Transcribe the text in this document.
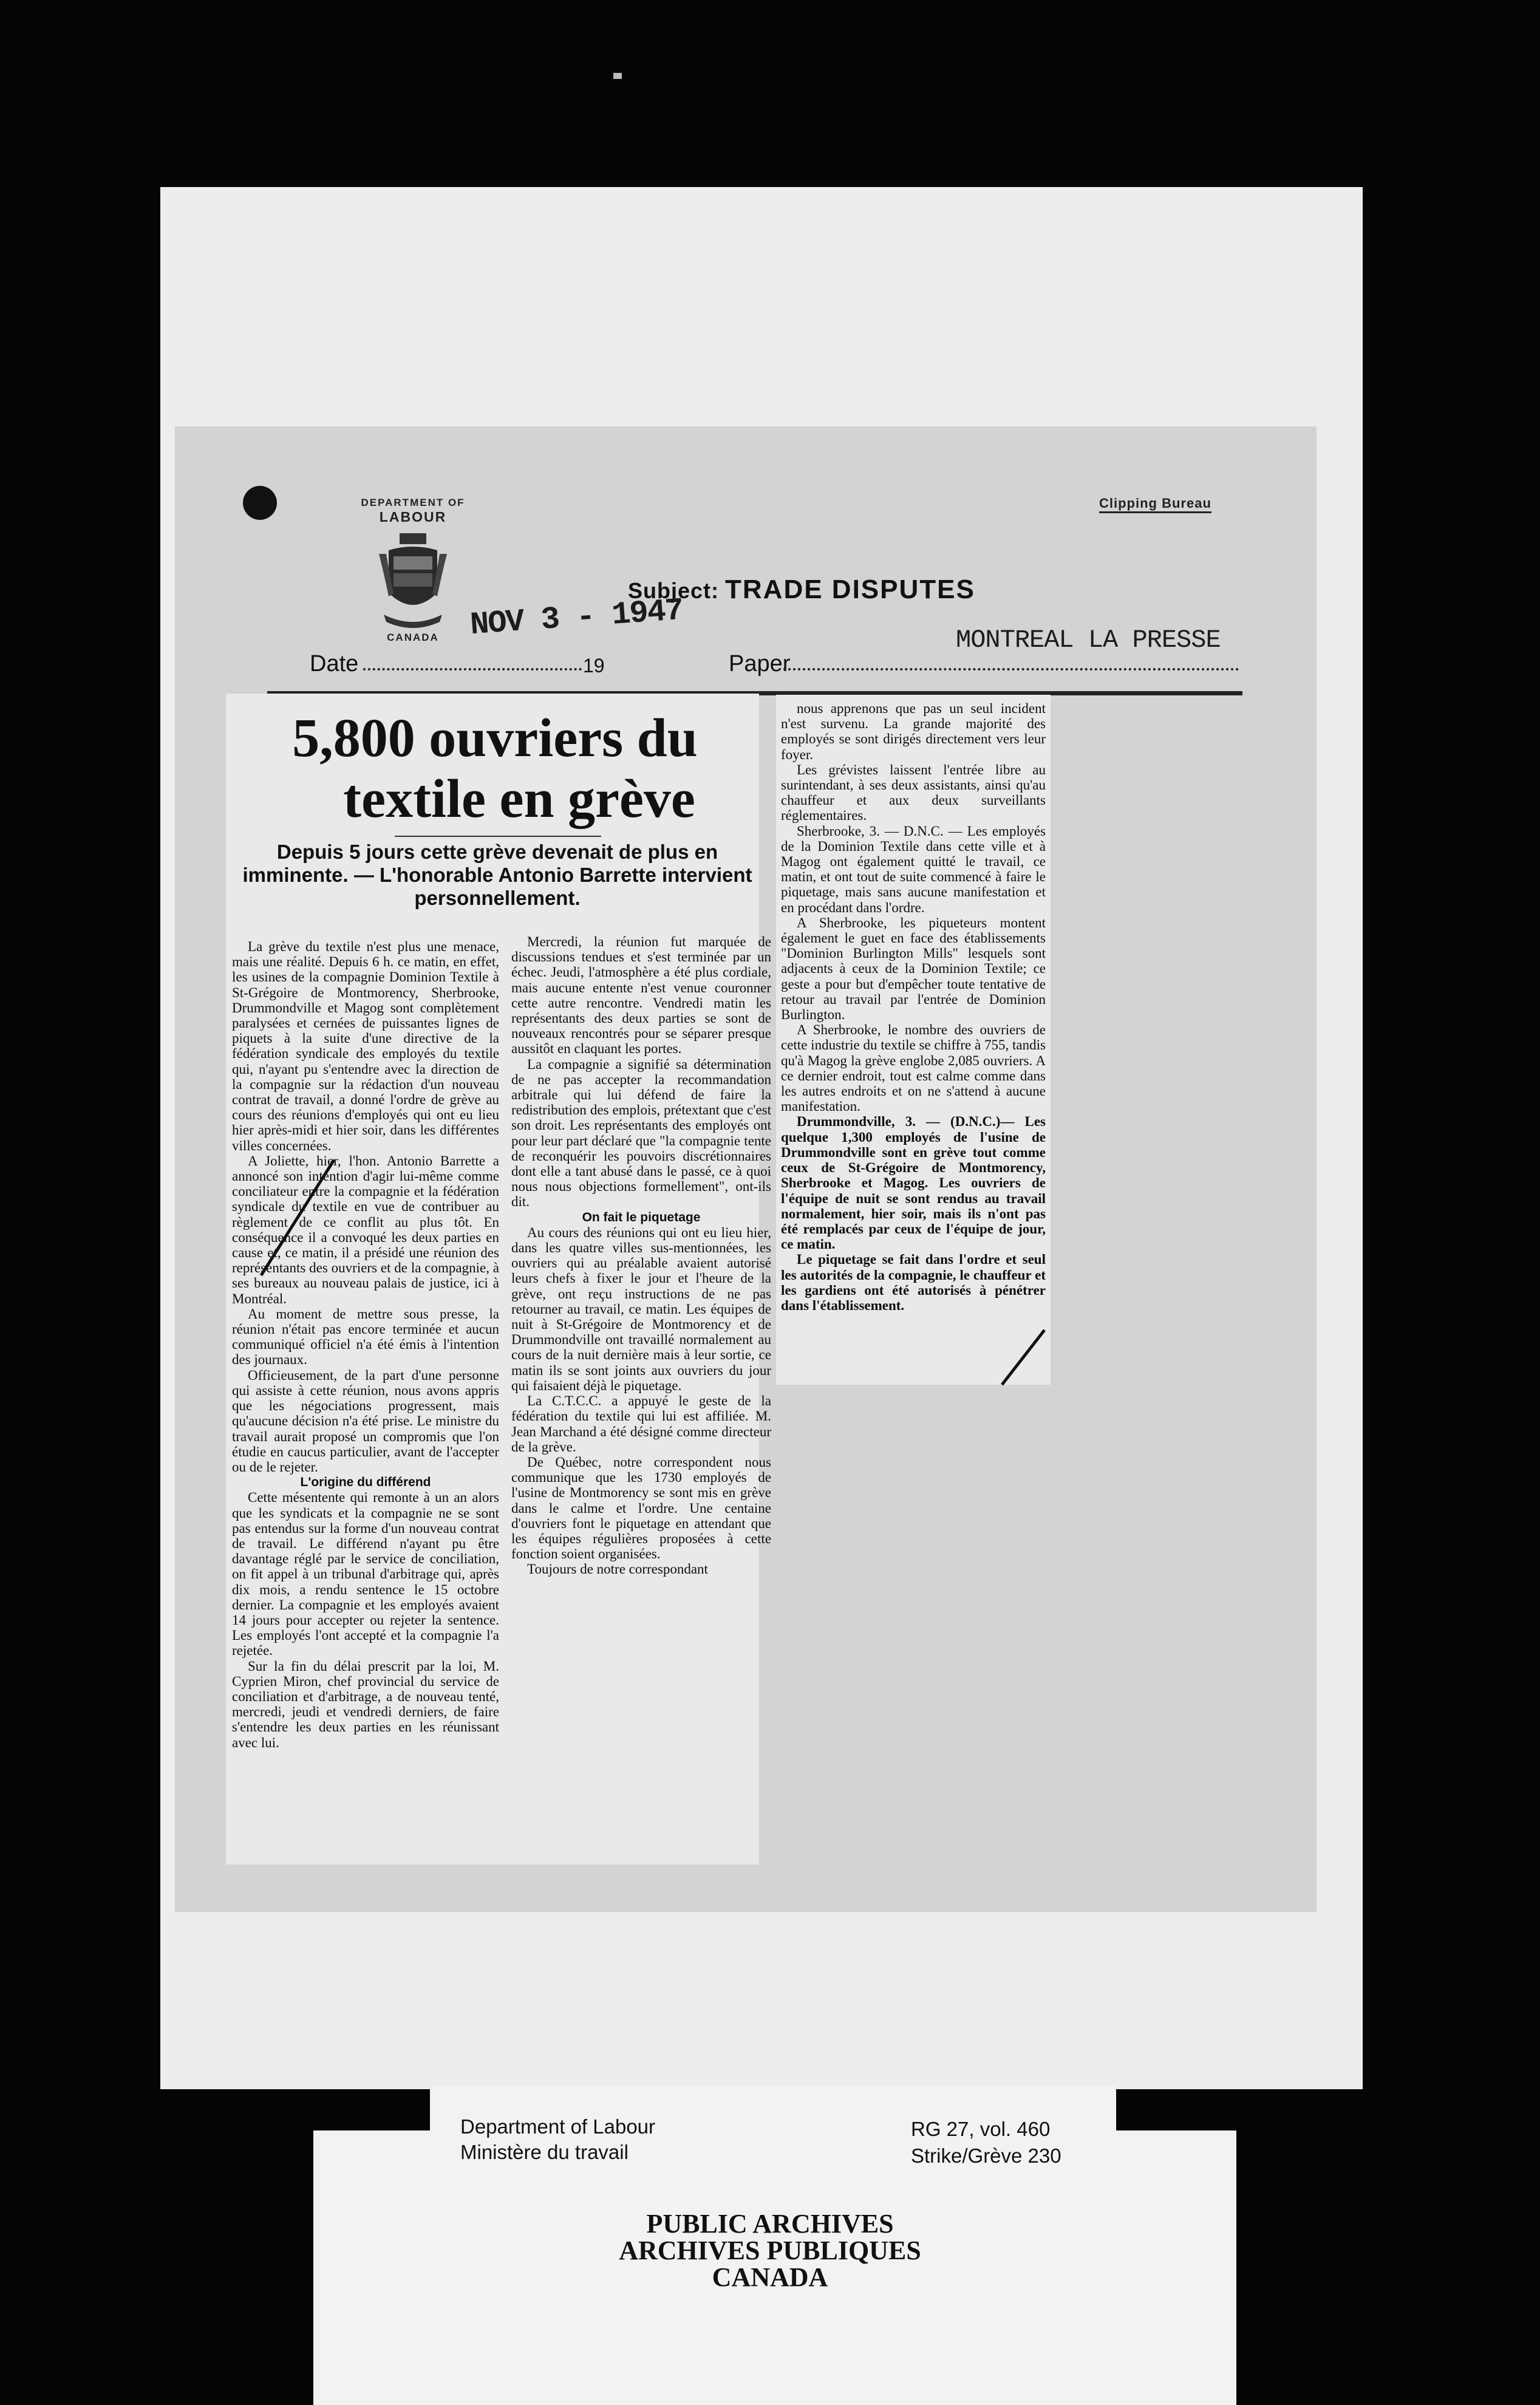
DEPARTMENT OF
LABOUR
CANADA
Clipping Bureau
Subject: TRADE DISPUTES
NOV 3 - 1947	MONTREAL LA PRESSE
Date	19	Paper

La grève du textile n'est plus une menace, mais une réalité. Depuis 6 h. ce matin, en effet, les usines de la compagnie Dominion Textile à St-Grégoire de Montmorency, Sherbrooke, Drummondville et Magog sont complètement paralysées et cernées de puissantes lignes de piquets à la suite d'une directive de la fédération syndicale des employés du textile qui, n'ayant pu s'entendre avec la direction de la compagnie sur la rédaction d'un nouveau contrat de travail, a donné l'ordre de grève au cours des réunions d'employés qui ont eu lieu hier après-midi et hier soir, dans les différentes villes concernées.

A Joliette, hier, l'hon. Antonio Barrette a annoncé son intention d'agir lui-même comme conciliateur entre la compagnie et la fédération syndicale du textile en vue de contribuer au règlement de ce conflit au plus tôt. En conséquence il a convoqué les deux parties en cause et, ce matin, il a présidé une réunion des représentants des ouvriers et de la compagnie, à ses bureaux au nouveau palais de justice, ici à Montréal.

Au moment de mettre sous presse, la réunion n'était pas encore terminée et aucun communiqué officiel n'a été émis à l'intention des journaux.

Officieusement, de la part d'une personne qui assiste à cette réunion, nous avons appris que les négociations progressent, mais qu'aucune décision n'a été prise. Le ministre du travail aurait proposé un compromis que l'on étudie en caucus particulier, avant de l'accepter ou de le rejeter.

L'origine du différend

Cette mésentente qui remonte à un an alors que les syndicats et la compagnie ne se sont pas entendus sur la forme d'un nouveau contrat de travail. Le différend n'ayant pu être davantage réglé par le service de conciliation, on fit appel à un tribunal d'arbitrage qui, après dix mois, a rendu sentence le 15 octobre dernier. La compagnie et les employés avaient 14 jours pour accepter ou rejeter la sentence. Les employés l'ont accepté et la compagnie l'a rejetée.

Sur la fin du délai prescrit par la loi, M. Cyprien Miron, chef provincial du service de conciliation et d'arbitrage, a de nouveau tenté, mercredi, jeudi et vendredi derniers, de faire s'entendre les deux parties en les réunissant avec lui.

5,800 ouvriers du
textile en grève
Depuis 5 jours cette grève devenait de plus en imminente. — L'honorable Antonio Barrette intervient personnellement.

Mercredi, la réunion fut marquée de discussions tendues et s'est terminée par un échec. Jeudi, l'atmosphère a été plus cordiale, mais aucune entente n'est venue couronner cette autre rencontre. Vendredi matin les représentants des deux parties se sont de nouveaux rencontrés pour se séparer presque aussitôt en claquant les portes.

La compagnie a signifié sa détermination de ne pas accepter la recommandation arbitrale qui lui défend de faire la redistribution des emplois, prétextant que c'est son droit. Les représentants des employés ont pour leur part déclaré que "la compagnie tente de reconquérir les pouvoirs discrétionnaires dont elle a tant abusé dans le passé, ce à quoi nous nous objections formellement", ont-ils dit.

On fait le piquetage

Au cours des réunions qui ont eu lieu hier, dans les quatre villes sus-mentionnées, les ouvriers qui au préalable avaient autorisé leurs chefs à fixer le jour et l'heure de la grève, ont reçu instructions de ne pas retourner au travail, ce matin. Les équipes de nuit à St-Grégoire de Montmorency et de Drummondville ont travaillé normalement au cours de la nuit dernière mais à leur sortie, ce matin ils se sont joints aux ouvriers du jour qui faisaient déjà le piquetage.

La C.T.C.C. a appuyé le geste de la fédération du textile qui lui est affiliée. M. Jean Marchand a été désigné comme directeur de la grève.

De Québec, notre correspondent nous communique que les 1730 employés de l'usine de Montmorency se sont mis en grève dans le calme et l'ordre. Une centaine d'ouvriers font le piquetage en attendant que les équipes régulières proposées à cette fonction soient organisées.

Toujours de notre correspondant

nous apprenons que pas un seul incident n'est survenu. La grande majorité des employés se sont dirigés directement vers leur foyer.

Les grévistes laissent l'entrée libre au surintendant, à ses deux assistants, ainsi qu'au chauffeur et aux deux surveillants réglementaires.

Sherbrooke, 3. — D.N.C. — Les employés de la Dominion Textile dans cette ville et à Magog ont également quitté le travail, ce matin, et ont tout de suite commencé à faire le piquetage, mais sans aucune manifestation et en procédant dans l'ordre.

A Sherbrooke, les piqueteurs montent également le guet en face des établissements "Dominion Burlington Mills" lesquels sont adjacents à ceux de la Dominion Textile; ce geste a pour but d'empêcher toute tentative de retour au travail par l'entrée de Dominion Burlington.

A Sherbrooke, le nombre des ouvriers de cette industrie du textile se chiffre à 755, tandis qu'à Magog la grève englobe 2,085 ouvriers. A ce dernier endroit, tout est calme comme dans les autres endroits et on ne s'attend à aucune manifestation.

Drummondville, 3. — (D.N.C.)— Les quelque 1,300 employés de l'usine de Drummondville sont en grève tout comme ceux de St-Grégoire de Montmorency, Sherbrooke et Magog. Les ouvriers de l'équipe de nuit se sont rendus au travail normalement, hier soir, mais ils n'ont pas été remplacés par ceux de l'équipe de jour, ce matin.

Le piquetage se fait dans l'ordre et seul les autorités de la compagnie, le chauffeur et les gardiens ont été autorisés à pénétrer dans l'établissement.

Department of Labour
Ministère du travail
RG 27, vol. 460
Strike/Grève 230
PUBLIC ARCHIVES
ARCHIVES PUBLIQUES
CANADA
